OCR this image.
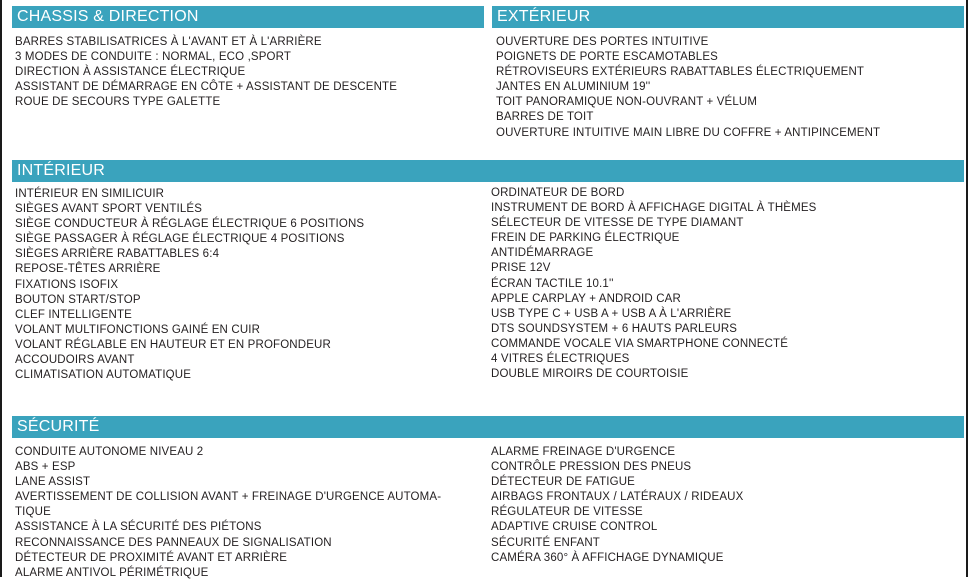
CHASSIS & DIRECTION
BARRES STABILISATRICES À L'AVANT ET À L'ARRIÈRE
3 MODES DE CONDUITE : NORMAL, ECO ,SPORT
DIRECTION À ASSISTANCE ÉLECTRIQUE
ASSISTANT DE DÉMARRAGE EN CÔTE + ASSISTANT DE DESCENTE
ROUE DE SECOURS TYPE GALETTE
EXTÉRIEUR
OUVERTURE DES PORTES INTUITIVE
POIGNETS DE PORTE ESCAMOTABLES
RÉTROVISEURS EXTÉRIEURS RABATTABLES ÉLECTRIQUEMENT
JANTES EN ALUMINIUM 19''
TOIT PANORAMIQUE NON-OUVRANT + VÉLUM
BARRES DE TOIT
OUVERTURE INTUITIVE MAIN LIBRE DU COFFRE + ANTIPINCEMENT
INTÉRIEUR
INTÉRIEUR EN SIMILICUIR
SIÈGES AVANT SPORT VENTILÉS
SIÈGE CONDUCTEUR À RÉGLAGE ÉLECTRIQUE 6 POSITIONS
SIÈGE PASSAGER À RÉGLAGE ÉLECTRIQUE 4 POSITIONS
SIÈGES ARRIÈRE RABATTABLES 6:4
REPOSE-TÊTES ARRIÈRE
FIXATIONS ISOFIX
BOUTON START/STOP
CLEF INTELLIGENTE
VOLANT MULTIFONCTIONS GAINÉ EN CUIR
VOLANT RÉGLABLE EN HAUTEUR ET EN PROFONDEUR
ACCOUDOIRS AVANT
CLIMATISATION AUTOMATIQUE
ORDINATEUR DE BORD
INSTRUMENT DE BORD À AFFICHAGE DIGITAL À THÈMES
SÉLECTEUR DE VITESSE DE TYPE DIAMANT
FREIN DE PARKING ÉLECTRIQUE
ANTIDÉMARRAGE
PRISE 12V
ÉCRAN TACTILE 10.1''
APPLE CARPLAY + ANDROID CAR
USB TYPE C + USB A + USB A À L'ARRIÈRE
DTS SOUNDSYSTEM + 6 HAUTS PARLEURS
COMMANDE VOCALE VIA SMARTPHONE CONNECTÉ
4 VITRES ÉLECTRIQUES
DOUBLE MIROIRS DE COURTOISIE
SÉCURITÉ
CONDUITE AUTONOME NIVEAU 2
ABS + ESP
LANE ASSIST
AVERTISSEMENT DE COLLISION AVANT + FREINAGE D'URGENCE AUTOMA-
TIQUE
ASSISTANCE À LA SÉCURITÉ DES PIÉTONS
RECONNAISSANCE DES PANNEAUX DE SIGNALISATION
DÉTECTEUR DE PROXIMITÉ AVANT ET ARRIÈRE
ALARME ANTIVOL PÉRIMÉTRIQUE
ALARME FREINAGE D'URGENCE
CONTRÔLE PRESSION DES PNEUS
DÉTECTEUR DE FATIGUE
AIRBAGS FRONTAUX / LATÉRAUX / RIDEAUX
RÉGULATEUR DE VITESSE
ADAPTIVE CRUISE CONTROL
SÉCURITÉ ENFANT
CAMÉRA 360° À AFFICHAGE DYNAMIQUE
